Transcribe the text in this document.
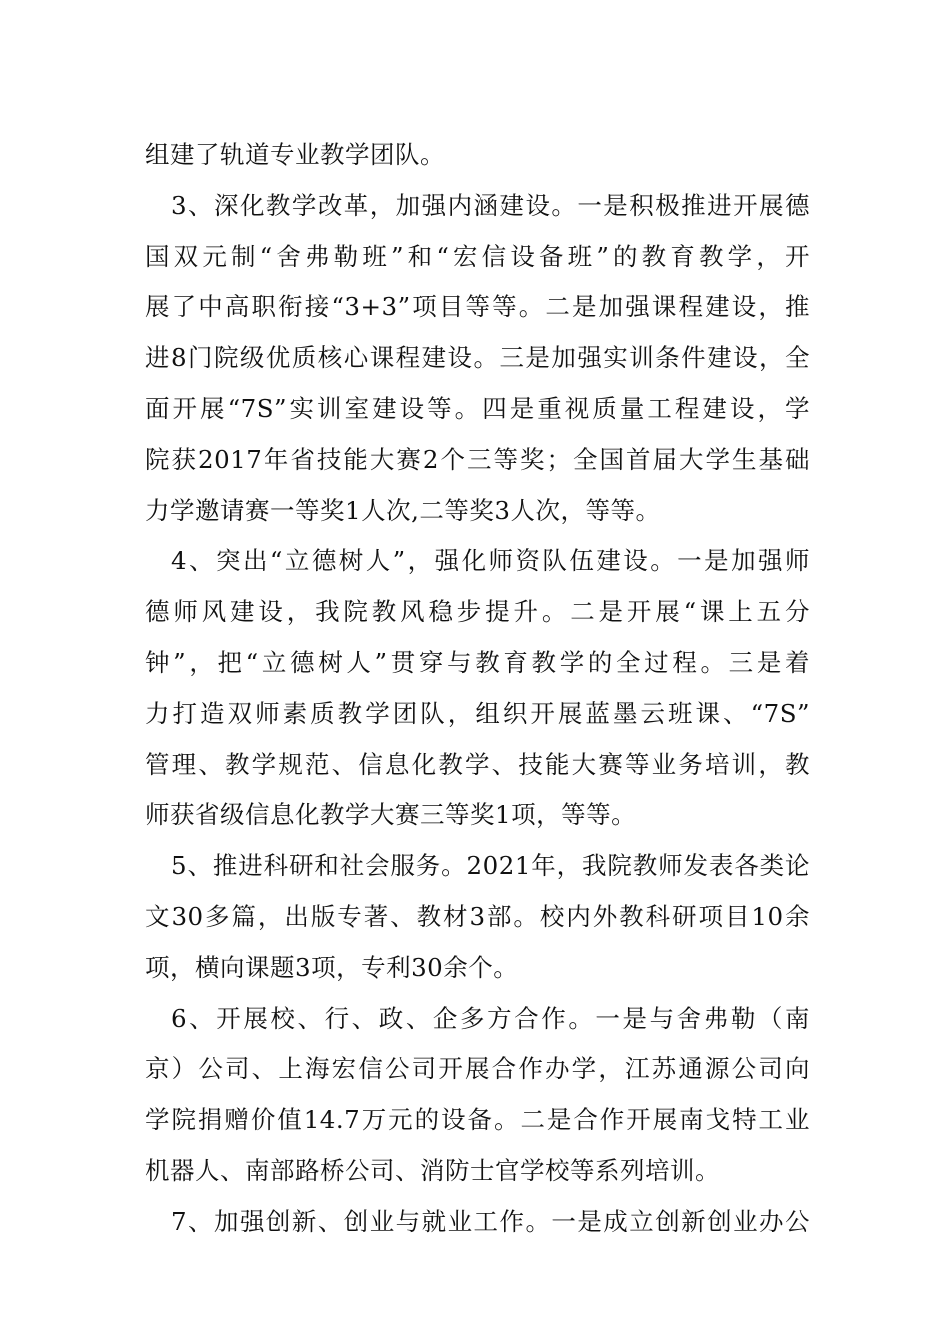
组建了轨道专业教学团队。
3、深化教学改革，加强内涵建设。一是积极推进开展德
国双元制“舍弗勒班”和“宏信设备班”的教育教学，开
展了中高职衔接“3+3”项目等等。二是加强课程建设，推
进8门院级优质核心课程建设。三是加强实训条件建设，全
面开展“7S”实训室建设等。四是重视质量工程建设，学
院获2017年省技能大赛2个三等奖；全国首届大学生基础
力学邀请赛一等奖1人次,二等奖3人次，等等。
4、突出“立德树人”，强化师资队伍建设。一是加强师
德师风建设，我院教风稳步提升。二是开展“课上五分
钟”，把“立德树人”贯穿与教育教学的全过程。三是着
力打造双师素质教学团队，组织开展蓝墨云班课、“7S”
管理、教学规范、信息化教学、技能大赛等业务培训，教
师获省级信息化教学大赛三等奖1项，等等。
5、推进科研和社会服务。2021年，我院教师发表各类论
文30多篇，出版专著、教材3部。校内外教科研项目10余
项，横向课题3项，专利30余个。
6、开展校、行、政、企多方合作。一是与舍弗勒（南
京）公司、上海宏信公司开展合作办学，江苏通源公司向
学院捐赠价值14.7万元的设备。二是合作开展南戈特工业
机器人、南部路桥公司、消防士官学校等系列培训。
7、加强创新、创业与就业工作。一是成立创新创业办公
